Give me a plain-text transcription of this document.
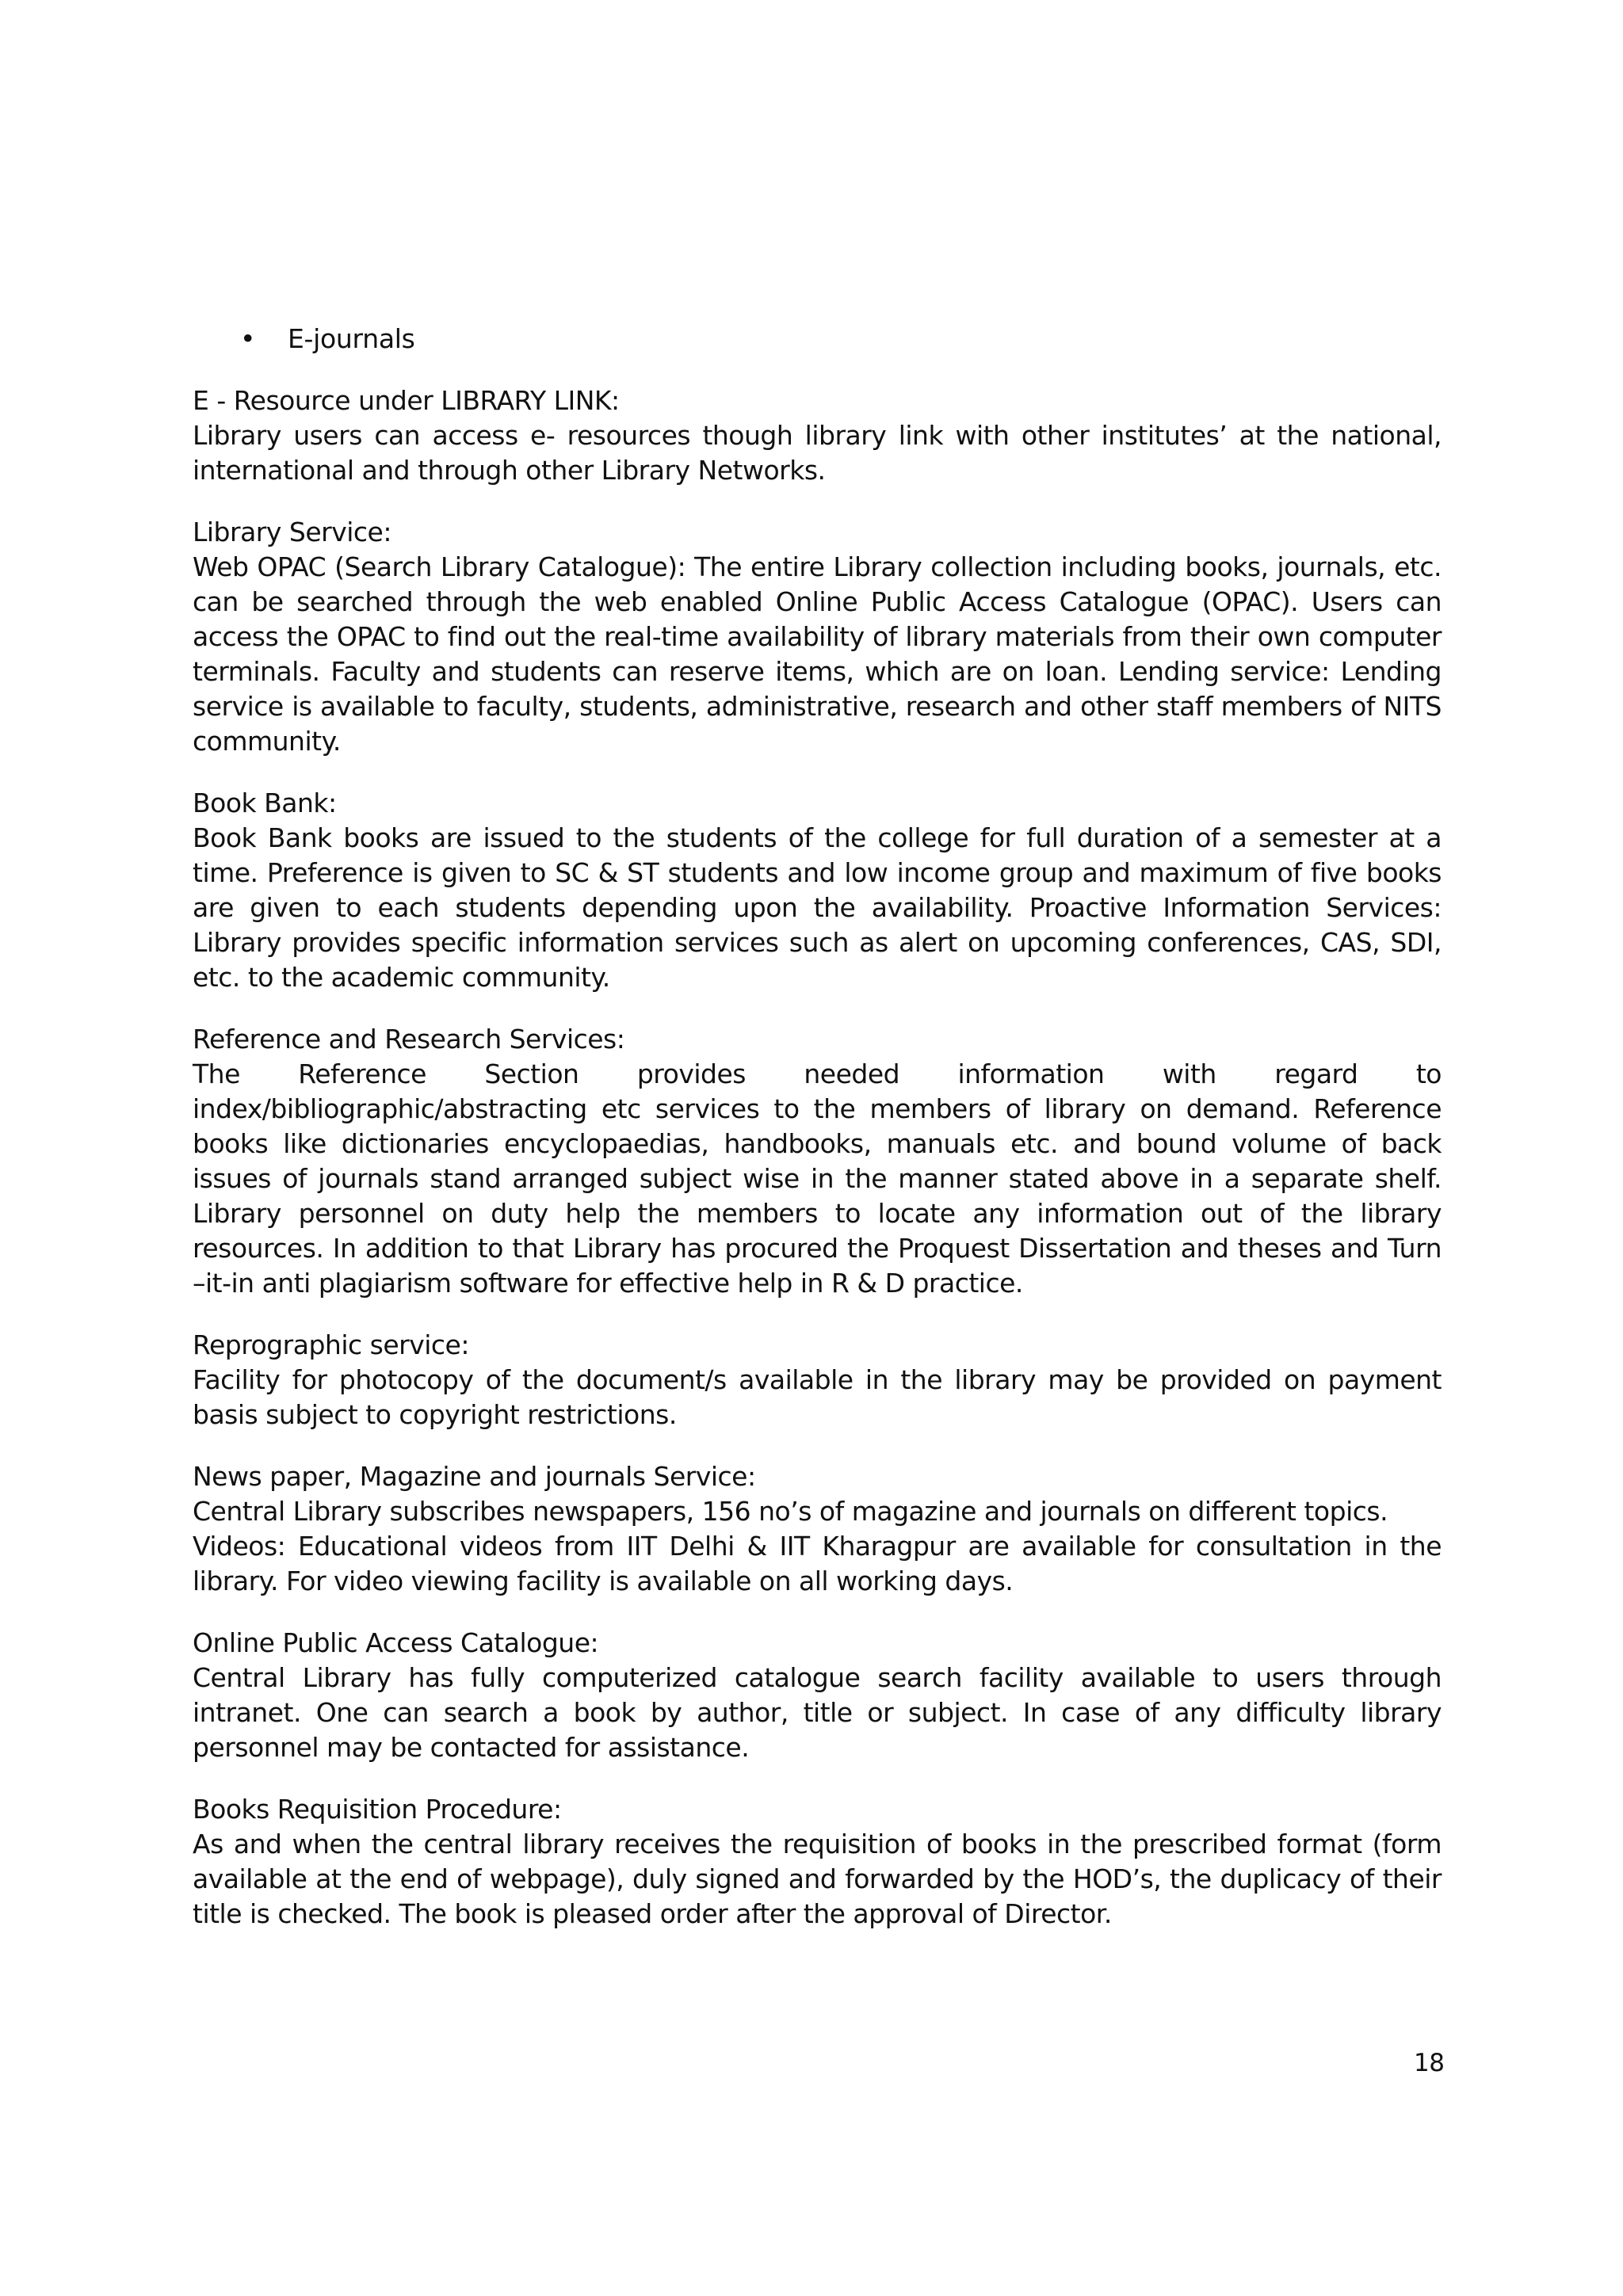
• E-journals
E - Resource under LIBRARY LINK:

Library users can access e- resources though library link with other institutes’ at the national, international and through other Library Networks.

Library Service:

Web OPAC (Search Library Catalogue): The entire Library collection including books, journals, etc. can be searched through the web enabled Online Public Access Catalogue (OPAC). Users can access the OPAC to find out the real-time availability of library materials from their own computer terminals. Faculty and students can reserve items, which are on loan. Lending service: Lending service is available to faculty, students, administrative, research and other staff members of NITS community.

Book Bank:

Book Bank books are issued to the students of the college for full duration of a semester at a time. Preference is given to SC & ST students and low income group and maximum of five books are given to each students depending upon the availability. Proactive Information Services: Library provides specific information services such as alert on upcoming conferences, CAS, SDI, etc. to the academic community.

Reference and Research Services:

The Reference Section provides needed information with regard to index/bibliographic/abstracting etc services to the members of library on demand. Reference books like dictionaries encyclopaedias, handbooks, manuals etc. and bound volume of back issues of journals stand arranged subject wise in the manner stated above in a separate shelf. Library personnel on duty help the members to locate any information out of the library resources. In addition to that Library has procured the Proquest Dissertation and theses and Turn –it-in anti plagiarism software for effective help in R & D practice.

Reprographic service:

Facility for photocopy of the document/s available in the library may be provided on payment basis subject to copyright restrictions.

News paper, Magazine and journals Service:

Central Library subscribes newspapers, 156 no’s of magazine and journals on different topics.

Videos: Educational videos from IIT Delhi & IIT Kharagpur are available for consultation in the library. For video viewing facility is available on all working days.

Online Public Access Catalogue:

Central Library has fully computerized catalogue search facility available to users through intranet. One can search a book by author, title or subject. In case of any difficulty library personnel may be contacted for assistance.

Books Requisition Procedure:

As and when the central library receives the requisition of books in the prescribed format (form available at the end of webpage), duly signed and forwarded by the HOD’s, the duplicacy of their title is checked. The book is pleased order after the approval of Director.

18
